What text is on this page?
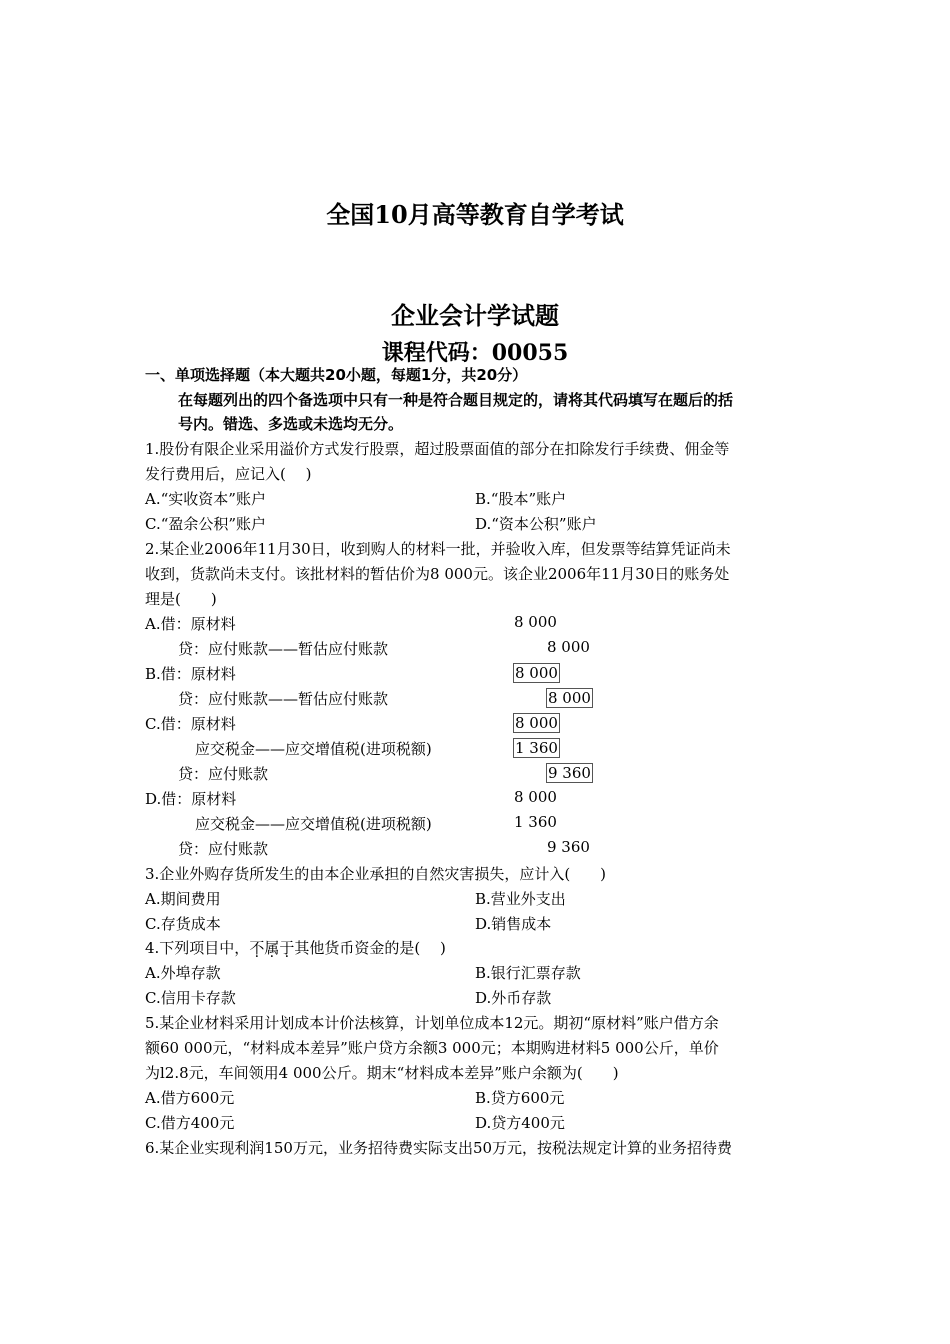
全国10月高等教育自学考试
企业会计学试题
课程代码：00055
一、单项选择题（本大题共20小题，每题1分，共20分）
在每题列出的四个备选项中只有一种是符合题目规定的，请将其代码填写在题后的括
号内。错选、多选或未选均无分。
1.股份有限企业采用溢价方式发行股票，超过股票面值的部分在扣除发行手续费、佣金等
发行费用后，应记入(　 )
A.“实收资本”账户	B.“股本”账户
C.“盈余公积”账户	D.“资本公积”账户
2.某企业2006年11月30日，收到购人的材料一批，并验收入库，但发票等结算凭证尚未
收到，货款尚未支付。该批材料的暂估价为8 000元。该企业2006年11月30日的账务处
理是(　　)
A.借：原材料	8 000
贷：应付账款——暂估应付账款	8 000
B.借：原材料	8 000
贷：应付账款——暂估应付账款	8 000
C.借：原材料	8 000
应交税金——应交增值税(进项税额)	1 360
贷：应付账款	9 360
D.借：原材料	8 000
应交税金——应交增值税(进项税额)	1 360
贷：应付账款	9 360
3.企业外购存货所发生的由本企业承担的自然灾害损失，应计入(　　)
A.期间费用	B.营业外支出
C.存货成本	D.销售成本
4.下列项目中，不属于其他货币资金的是(　 )
A.外埠存款	B.银行汇票存款
C.信用卡存款	D.外币存款
5.某企业材料采用计划成本计价法核算，计划单位成本12元。期初“原材料”账户借方余
额60 000元，“材料成本差异”账户贷方余额3 000元；本期购进材料5 000公斤，单价
为l2.8元，车间领用4 000公斤。期末“材料成本差异”账户余额为(　　)
A.借方600元	B.贷方600元
C.借方400元	D.贷方400元
6.某企业实现利润150万元，业务招待费实际支出50万元，按税法规定计算的业务招待费
